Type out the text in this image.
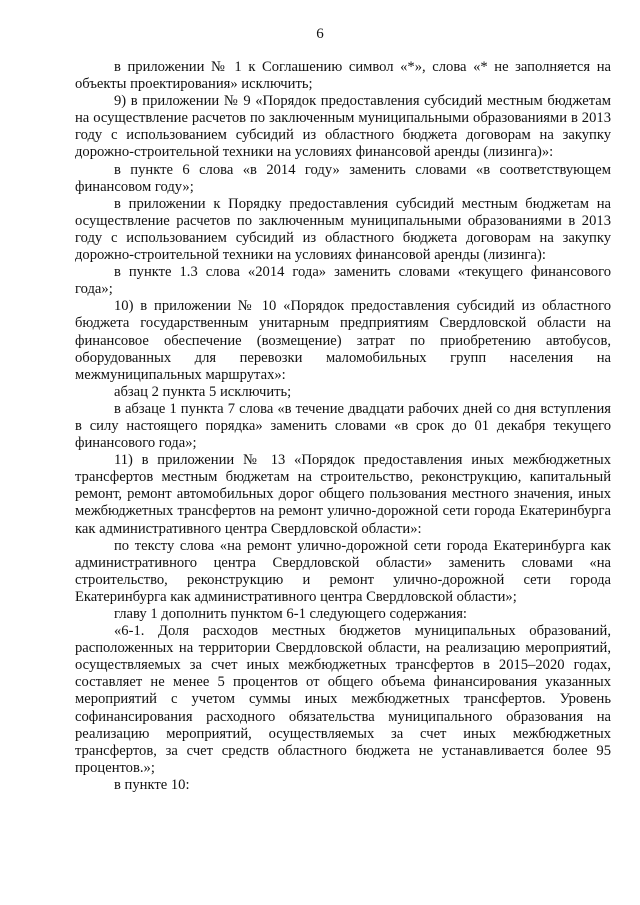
6

в приложении № 1 к Соглашению символ «*», слова «* не заполняется на объекты проектирования» исключить;

9) в приложении № 9 «Порядок предоставления субсидий местным бюджетам на осуществление расчетов по заключенным муниципальными образованиями в 2013 году с использованием субсидий из областного бюджета договорам на закупку дорожно-строительной техники на условиях финансовой аренды (лизинга)»:

в пункте 6 слова «в 2014 году» заменить словами «в соответствующем финансовом году»;

в приложении к Порядку предоставления субсидий местным бюджетам на осуществление расчетов по заключенным муниципальными образованиями в 2013 году с использованием субсидий из областного бюджета договорам на закупку дорожно-строительной техники на условиях финансовой аренды (лизинга):

в пункте 1.3 слова «2014 года» заменить словами «текущего финансового года»;

10) в приложении № 10 «Порядок предоставления субсидий из областного бюджета государственным унитарным предприятиям Свердловской области на финансовое обеспечение (возмещение) затрат по приобретению автобусов, оборудованных для перевозки маломобильных групп населения на межмуниципальных маршрутах»:

абзац 2 пункта 5 исключить;

в абзаце 1 пункта 7 слова «в течение двадцати рабочих дней со дня вступления в силу настоящего порядка» заменить словами «в срок до 01 декабря текущего финансового года»;

11) в приложении № 13 «Порядок предоставления иных межбюджетных трансфертов местным бюджетам на строительство, реконструкцию, капитальный ремонт, ремонт автомобильных дорог общего пользования местного значения, иных межбюджетных трансфертов на ремонт улично-дорожной сети города Екатеринбурга как административного центра Свердловской области»:

по тексту слова «на ремонт улично-дорожной сети города Екатеринбурга как административного центра Свердловской области» заменить словами «на строительство, реконструкцию и ремонт улично-дорожной сети города Екатеринбурга как административного центра Свердловской области»;

главу 1 дополнить пунктом 6-1 следующего содержания:

«6-1. Доля расходов местных бюджетов муниципальных образований, расположенных на территории Свердловской области, на реализацию мероприятий, осуществляемых за счет иных межбюджетных трансфертов в 2015–2020 годах, составляет не менее 5 процентов от общего объема финансирования указанных мероприятий с учетом суммы иных межбюджетных трансфертов. Уровень софинансирования расходного обязательства муниципального образования на реализацию мероприятий, осуществляемых за счет иных межбюджетных трансфертов, за счет средств областного бюджета не устанавливается более 95 процентов.»;

в пункте 10:
